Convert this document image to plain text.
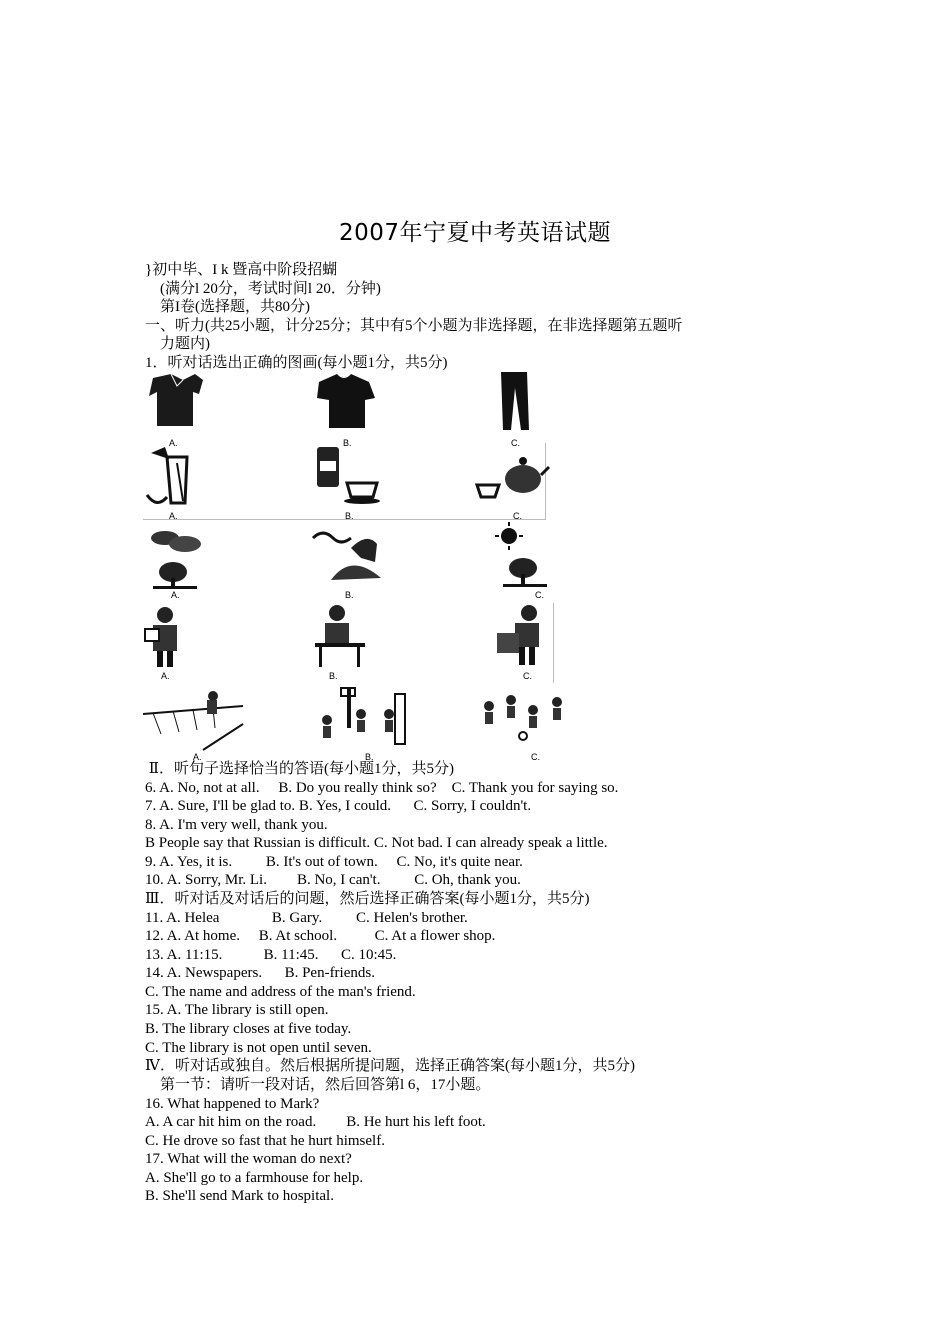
2007年宁夏中考英语试题
}初中毕、I k 暨高中阶段招蝴
(满分l 20分，考试时间l 20．分钟)
第I卷(选择题，共80分)
一、听力(共25小题，计分25分；其中有5个小题为非选择题，在非选择题第五题听
力题内)
1．听对话选出正确的图画(每小题1分，共5分)
A.	B.	C.
A.	B.	C.
A.	B.	C.
A.	B.	C.
A.	B.	C.
Ⅱ．听句子选择恰当的答语(每小题1分，共5分)
6. A. No, not at all.     B. Do you really think so?    C. Thank you for saying so.
7. A. Sure, I'll be glad to. B. Yes, I could.      C. Sorry, I couldn't.
8. A. I'm very well, thank you.
B People say that Russian is difficult. C. Not bad. I can already speak a little.
9. A. Yes, it is.         B. It's out of town.     C. No, it's quite near.
10. A. Sorry, Mr. Li.        B. No, I can't.         C. Oh, thank you.
Ⅲ．听对话及对话后的问题，然后选择正确答案(每小题1分，共5分)
11. A. Helea              B. Gary.         C. Helen's brother.
12. A. At home.     B. At school.          C. At a flower shop.
13. A. 11:15.           B. 11:45.      C. 10:45.
14. A. Newspapers.      B. Pen-friends.
C. The name and address of the man's friend.
15. A. The library is still open.
B. The library closes at five today.
C. The library is not open until seven.
Ⅳ．听对话或独自。然后根据所提问题，选择正确答案(每小题1分，共5分)
第一节：请听一段对话，然后回答第l 6，17小题。
16. What happened to Mark?
A. A car hit him on the road.        B. He hurt his left foot.
C. He drove so fast that he hurt himself.
17. What will the woman do next?
A. She'll go to a farmhouse for help.
B. She'll send Mark to hospital.
